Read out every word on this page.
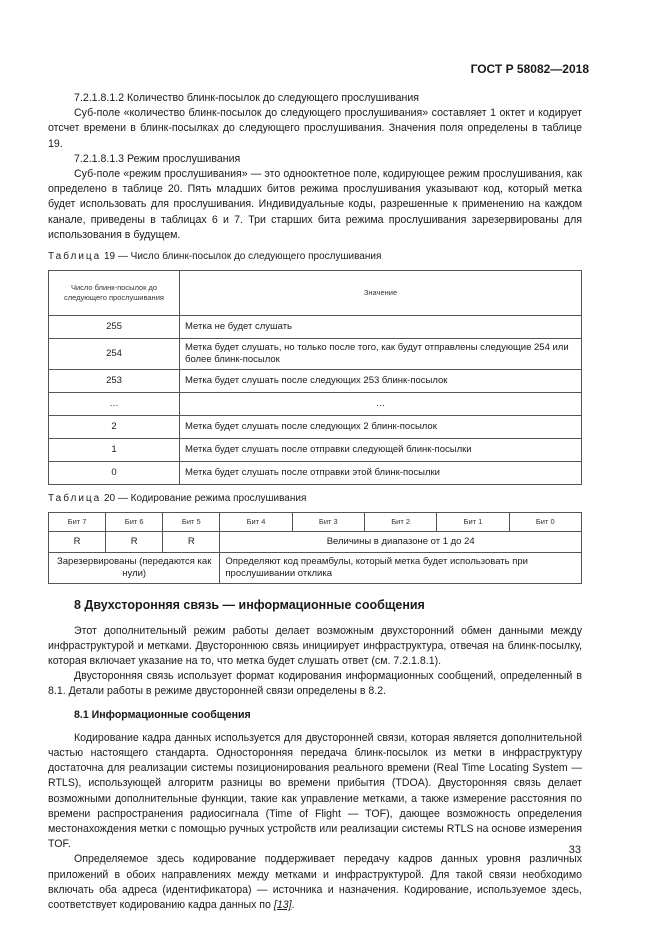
ГОСТ Р 58082—2018

7.2.1.8.1.2 Количество блинк-посылок до следующего прослушивания

Суб-поле «количество блинк-посылок до следующего прослушивания» составляет 1 октет и кодирует отсчет времени в блинк-посылках до следующего прослушивания. Значения поля определены в таблице 19.

7.2.1.8.1.3 Режим прослушивания

Суб-поле «режим прослушивания» — это однооктетное поле, кодирующее режим прослушивания, как определено в таблице 20. Пять младших битов режима прослушивания указывают код, который метка будет использовать для прослушивания. Индивидуальные коды, разрешенные к применению на каждом канале, приведены в таблицах 6 и 7. Три старших бита режима прослушивания зарезервированы для использования в будущем.

Таблица 19 — Число блинк-посылок до следующего прослушивания
Число блинк-посылок до следующего прослушивания	Значение
255	Метка не будет слушать
254	Метка будет слушать, но только после того, как будут отправлены следующие 254 или более блинк-посылок
253	Метка будет слушать после следующих 253 блинк-посылок
…	…
2	Метка будет слушать после следующих 2 блинк-посылок
1	Метка будет слушать после отправки следующей блинк-посылки
0	Метка будет слушать после отправки этой блинк-посылки
Таблица 20 — Кодирование режима прослушивания
Бит 7	Бит 6	Бит 5	Бит 4	Бит 3	Бит 2	Бит 1	Бит 0
R	R	R	Величины в диапазоне от 1 до 24				
Зарезервированы (передаются как нули)			Определяют код преамбулы, который метка будет использовать при прослушивании отклика				
8 Двухсторонняя связь — информационные сообщения

Этот дополнительный режим работы делает возможным двухсторонний обмен данными между инфраструктурой и метками. Двустороннюю связь инициирует инфраструктура, отвечая на блинк-посылку, которая включает указание на то, что метка будет слушать ответ (см. 7.2.1.8.1).

Двусторонняя связь использует формат кодирования информационных сообщений, определенный в 8.1. Детали работы в режиме двусторонней связи определены в 8.2.

8.1 Информационные сообщения

Кодирование кадра данных используется для двусторонней связи, которая является дополнительной частью настоящего стандарта. Односторонняя передача блинк-посылок из метки в инфраструктуру достаточна для реализации системы позиционирования реального времени (Real Time Locating System — RTLS), использующей алгоритм разницы во времени прибытия (TDOA). Двусторонняя связь делает возможными дополнительные функции, такие как управление метками, а также измерение расстояния по времени распространения радиосигнала (Time of Flight — TOF), дающее возможность определения местонахождения метки с помощью ручных устройств или реализации системы RTLS на основе измерения TOF.

Определяемое здесь кодирование поддерживает передачу кадров данных уровня различных приложений в обоих направлениях между метками и инфраструктурой. Для такой связи необходимо включать оба адреса (идентификатора) — источника и назначения. Кодирование, используемое здесь, соответствует кодированию кадра данных по [13].

33
